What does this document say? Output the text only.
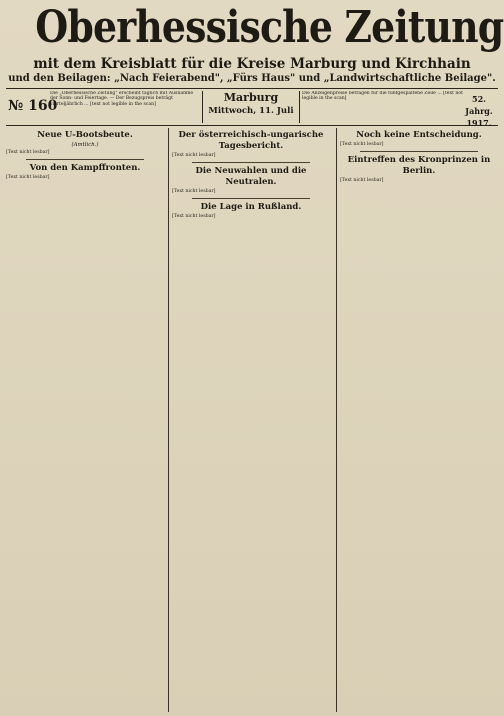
Oberhessische Zeitung
mit dem Kreisblatt für die Kreise Marburg und Kirchhain
und den Beilagen: „Nach Feierabend", „Fürs Haus" und „Landwirtschaftliche Beilage".
№ 160
Die „Oberhessische Zeitung" erscheint täglich mit Ausnahme der Sonn- und Feiertage. — Der Bezugspreis beträgt vierteljährlich ... [text not legible in the scan]
Marburg
Mittwoch, 11. Juli
Die Anzeigenpreise betragen für die fünfgespaltene Zeile ... [text not legible in the scan]	52. Jahrg.
1917.
Neue U-Bootsbeute.
(Amtlich.)
[Text nicht lesbar]
Von den Kampffronten.
[Text nicht lesbar]
Der österreichisch-ungarische Tagesbericht.
[Text nicht lesbar]
Die Neuwahlen und die Neutralen.
[Text nicht lesbar]
Die Lage in Rußland.
[Text nicht lesbar]
Noch keine Entscheidung.
[Text nicht lesbar]
Eintreffen des Kronprinzen in Berlin.
[Text nicht lesbar]
